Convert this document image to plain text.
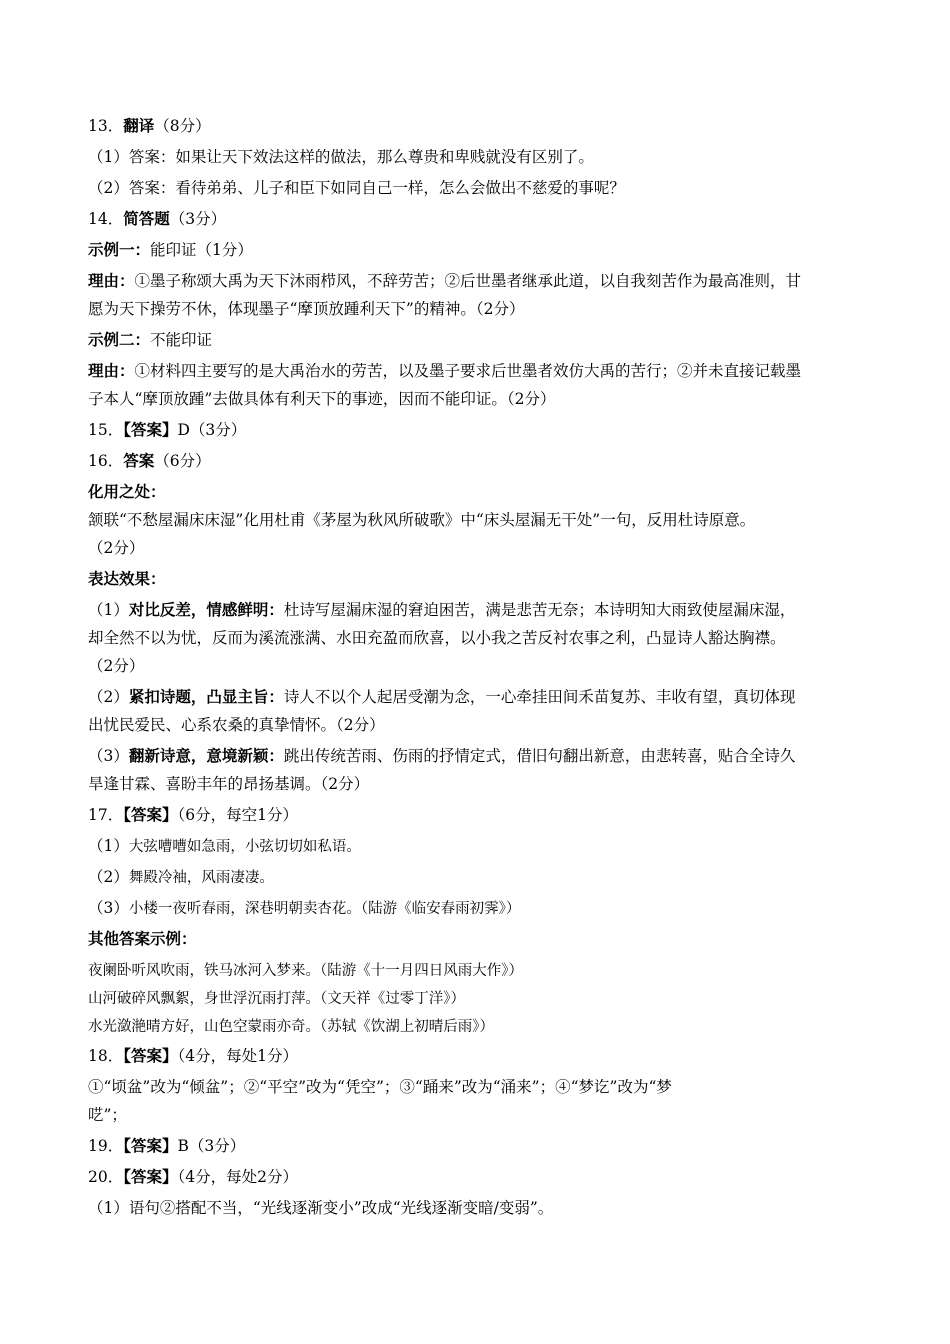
13．翻译（8分）
（1）答案：如果让天下效法这样的做法，那么尊贵和卑贱就没有区别了。
（2）答案：看待弟弟、儿子和臣下如同自己一样，怎么会做出不慈爱的事呢？
14．简答题（3分）
示例一：能印证（1分）
理由：①墨子称颂大禹为天下沐雨栉风，不辞劳苦；②后世墨者继承此道，以自我刻苦作为最高准则，甘
愿为天下操劳不休，体现墨子“摩顶放踵利天下”的精神。（2分）
示例二：不能印证
理由：①材料四主要写的是大禹治水的劳苦，以及墨子要求后世墨者效仿大禹的苦行；②并未直接记载墨
子本人“摩顶放踵”去做具体有利天下的事迹，因而不能印证。（2分）
15．【答案】D（3分）
16．答案（6分）
化用之处：
颔联“不愁屋漏床床湿”化用杜甫《茅屋为秋风所破歌》中“床头屋漏无干处”一句，反用杜诗原意。
（2分）
表达效果：
（1）对比反差，情感鲜明：杜诗写屋漏床湿的窘迫困苦，满是悲苦无奈；本诗明知大雨致使屋漏床湿，
却全然不以为忧，反而为溪流涨满、水田充盈而欣喜，以小我之苦反衬农事之利，凸显诗人豁达胸襟。
（2分）
（2）紧扣诗题，凸显主旨：诗人不以个人起居受潮为念，一心牵挂田间禾苗复苏、丰收有望，真切体现
出忧民爱民、心系农桑的真挚情怀。（2分）
（3）翻新诗意，意境新颖：跳出传统苦雨、伤雨的抒情定式，借旧句翻出新意，由悲转喜，贴合全诗久
旱逢甘霖、喜盼丰年的昂扬基调。（2分）
17．【答案】（6分，每空1分）
（1）大弦嘈嘈如急雨，小弦切切如私语。
（2）舞殿冷袖，风雨凄凄。
（3）小楼一夜听春雨，深巷明朝卖杏花。（陆游《临安春雨初霁》）
其他答案示例：
夜阑卧听风吹雨，铁马冰河入梦来。（陆游《十一月四日风雨大作》）
山河破碎风飘絮，身世浮沉雨打萍。（文天祥《过零丁洋》）
水光潋滟晴方好，山色空蒙雨亦奇。（苏轼《饮湖上初晴后雨》）
18．【答案】（4分，每处1分）
①“顷盆”改为“倾盆”；②“平空”改为“凭空”；③“踊来”改为“涌来”；④“梦讫”改为“梦
呓”；
19．【答案】B（3分）
20．【答案】（4分，每处2分）
（1）语句②搭配不当，“光线逐渐变小”改成“光线逐渐变暗/变弱”。
